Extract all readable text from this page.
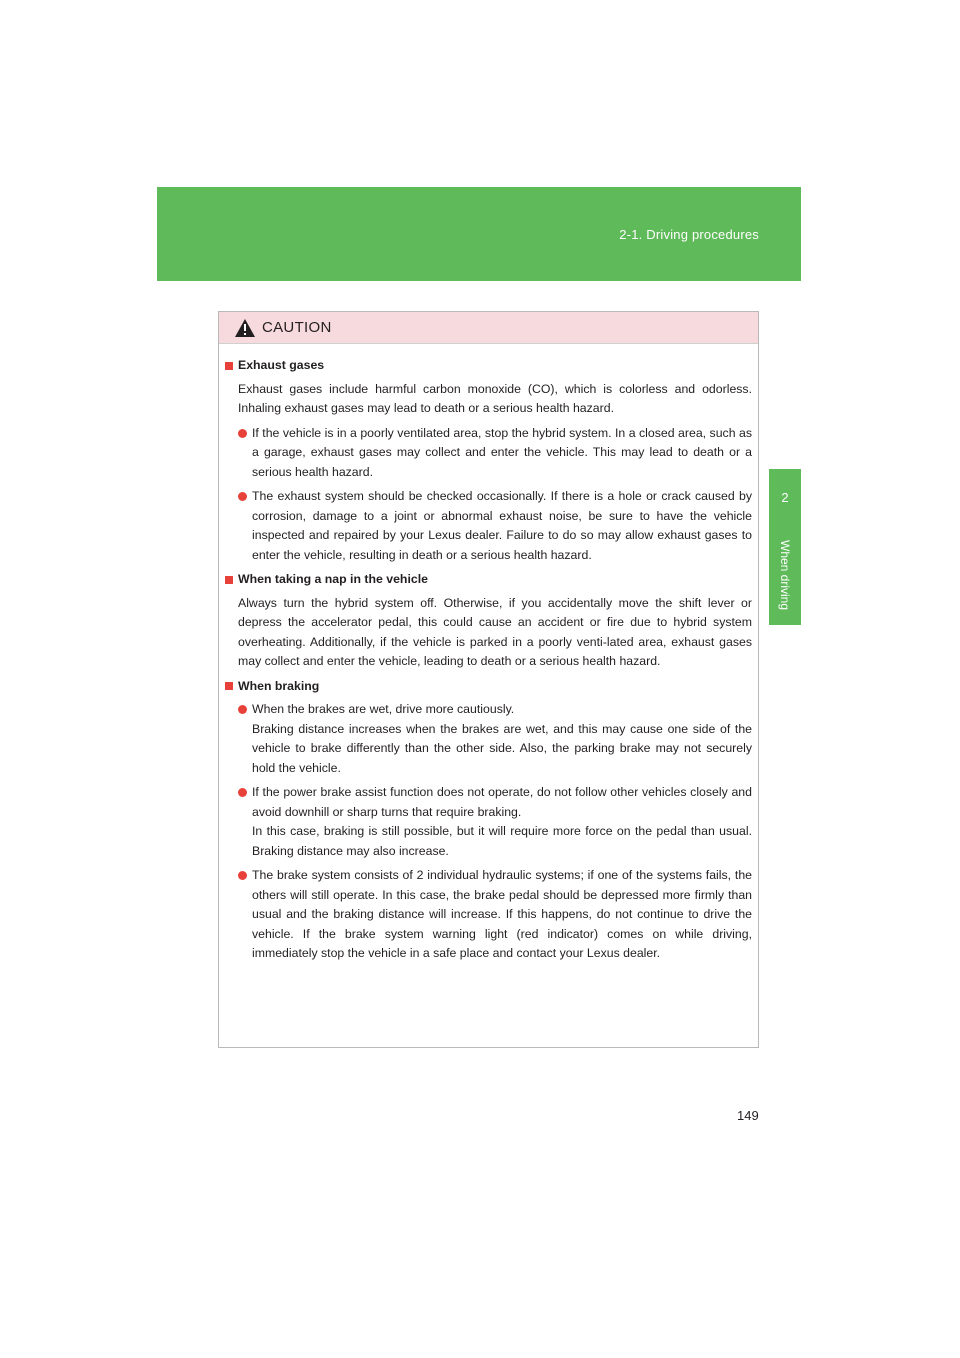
2-1. Driving procedures
2
When driving
CAUTION
Exhaust gases
Exhaust gases include harmful carbon monoxide (CO), which is colorless and odorless. Inhaling exhaust gases may lead to death or a serious health hazard.
If the vehicle is in a poorly ventilated area, stop the hybrid system. In a closed area, such as a garage, exhaust gases may collect and enter the vehicle. This may lead to death or a serious health hazard.
The exhaust system should be checked occasionally. If there is a hole or crack caused by corrosion, damage to a joint or abnormal exhaust noise, be sure to have the vehicle inspected and repaired by your Lexus dealer. Failure to do so may allow exhaust gases to enter the vehicle, resulting in death or a serious health hazard.
When taking a nap in the vehicle
Always turn the hybrid system off. Otherwise, if you accidentally move the shift lever or depress the accelerator pedal, this could cause an accident or fire due to hybrid system overheating. Additionally, if the vehicle is parked in a poorly venti-lated area, exhaust gases may collect and enter the vehicle, leading to death or a serious health hazard.
When braking
When the brakes are wet, drive more cautiously.
Braking distance increases when the brakes are wet, and this may cause one side of the vehicle to brake differently than the other side. Also, the parking brake may not securely hold the vehicle.
If the power brake assist function does not operate, do not follow other vehicles closely and avoid downhill or sharp turns that require braking.
In this case, braking is still possible, but it will require more force on the pedal than usual. Braking distance may also increase.
The brake system consists of 2 individual hydraulic systems; if one of the systems fails, the others will still operate. In this case, the brake pedal should be depressed more firmly than usual and the braking distance will increase. If this happens, do not continue to drive the vehicle. If the brake system warning light (red indicator) comes on while driving, immediately stop the vehicle in a safe place and contact your Lexus dealer.
149
